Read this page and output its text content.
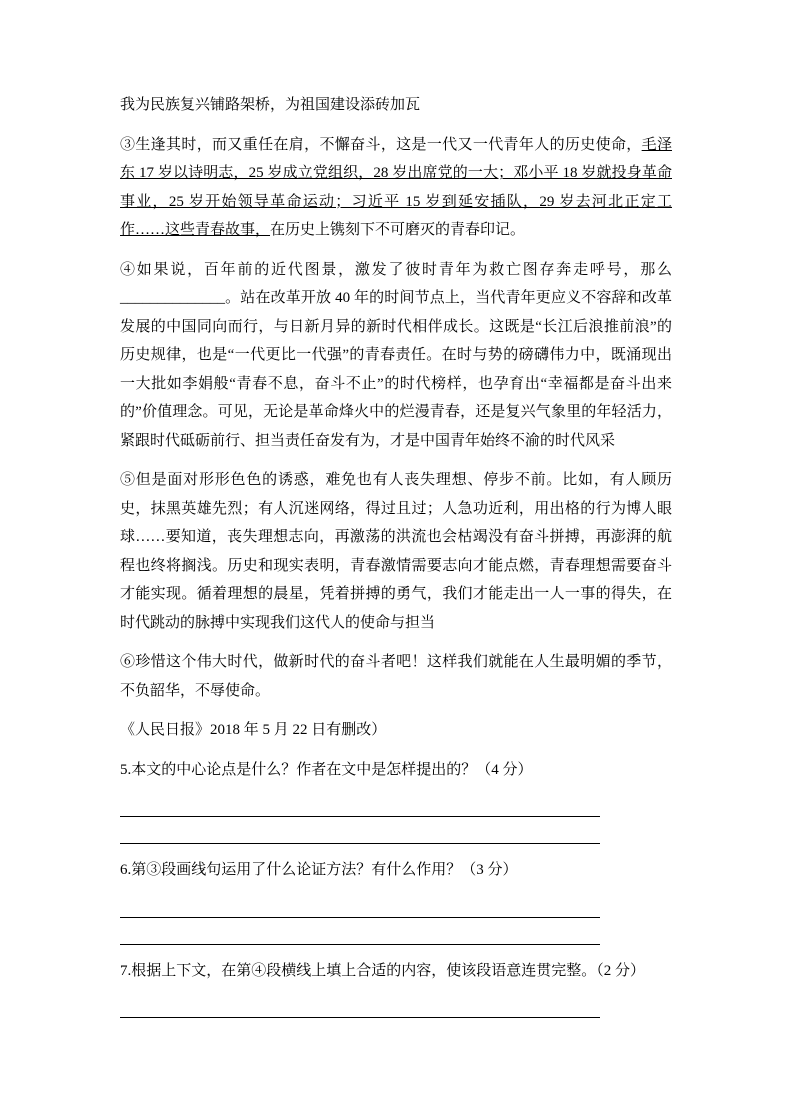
我为民族复兴铺路架桥，为祖国建设添砖加瓦

③生逢其时，而又重任在肩，不懈奋斗，这是一代又一代青年人的历史使命，毛泽东 17 岁以诗明志，25 岁成立党组织，28 岁出席党的一大；邓小平 18 岁就投身革命事业，25 岁开始领导革命运动；习近平 15 岁到延安插队，29 岁去河北正定工作……这些青春故事，在历史上镌刻下不可磨灭的青春印记。

④如果说，百年前的近代图景，激发了彼时青年为救亡图存奔走呼号，那么______________。站在改革开放 40 年的时间节点上，当代青年更应义不容辞和改革发展的中国同向而行，与日新月异的新时代相伴成长。这既是“长江后浪推前浪”的历史规律，也是“一代更比一代强”的青春责任。在时与势的磅礴伟力中，既涌现出一大批如李娟般“青春不息，奋斗不止”的时代榜样，也孕育出“幸福都是奋斗出来的”价值理念。可见，无论是革命烽火中的烂漫青春，还是复兴气象里的年轻活力，紧跟时代砥砺前行、担当责任奋发有为，才是中国青年始终不渝的时代风采

⑤但是面对形形色色的诱惑，难免也有人丧失理想、停步不前。比如，有人顾历史，抹黑英雄先烈；有人沉迷网络，得过且过；人急功近利，用出格的行为博人眼球……要知道，丧失理想志向，再激荡的洪流也会枯竭没有奋斗拼搏，再澎湃的航程也终将搁浅。历史和现实表明，青春激情需要志向才能点燃，青春理想需要奋斗才能实现。循着理想的晨星，凭着拼搏的勇气，我们才能走出一人一事的得失，在时代跳动的脉搏中实现我们这代人的使命与担当

⑥珍惜这个伟大时代，做新时代的奋斗者吧！这样我们就能在人生最明媚的季节，不负韶华，不辱使命。

《人民日报》2018 年 5 月 22 日有删改）

5.本文的中心论点是什么？作者在文中是怎样提出的？（4 分）

6.第③段画线句运用了什么论证方法？有什么作用？（3 分）

7.根据上下文，在第④段横线上填上合适的内容，使该段语意连贯完整。（2 分）
